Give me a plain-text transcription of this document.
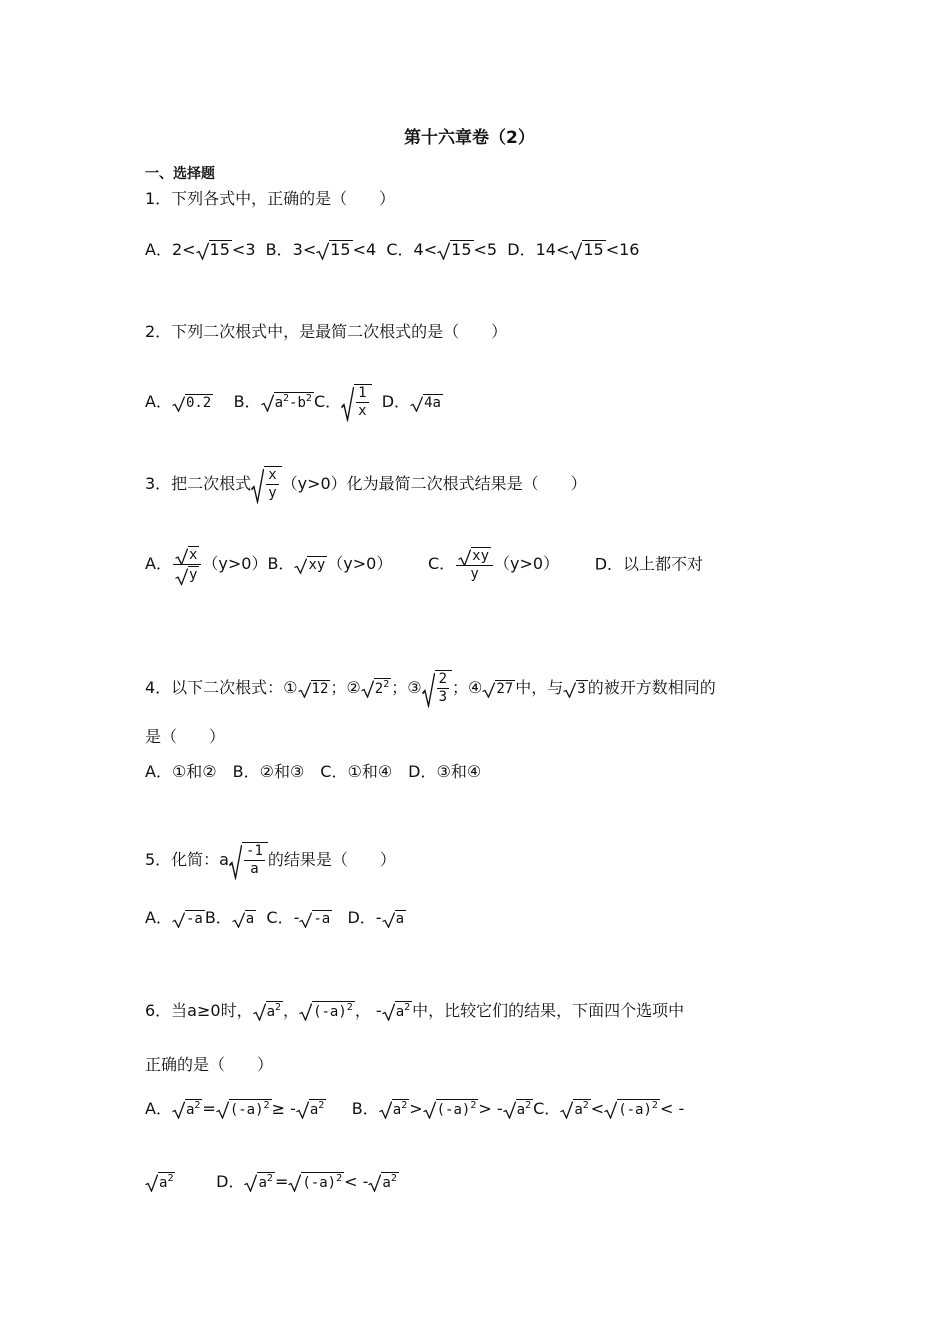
第十六章卷（2）
一、选择题
1．下列各式中，正确的是（　　）
A．2< 15 <3 B．3< 15 <4 C．4< 15 <5 D．14< 15 <16
2．下列二次根式中，是最简二次根式的是（　　）
A． 0.2 B． $a^2-b^2$ C． $\frac{1}{x}$ D． 4a
3．把二次根式 $\frac{x}{y} (y>0)$化为最简二次根式结果是（　　）
A． $\frac{x}{y} (y>0)B$． xy （y>0） C． $\frac{xy}{y} (y>0)$ D．以上都不对
4．以下二次根式：① 12 ；② $2^2$ ；③ $\frac{2}{3}$ ；④ 27 中，与 3 的被开方数相同的
是（　　）
A．①和②　B．②和③　C．①和④　D．③和④
5．化简：a $\frac{-1}{a}$ 的结果是（　　）
A． -a B． a C．- -a D．- a
6．当a≥0时， $a^2$ ， $(-a)^2$ ， - $a^2$ 中，比较它们的结果，下面四个选项中
正确的是（　　）
A． $a^2 = (-a)^2$ ≥ - $a^2$ B． $a^2 > (-a)^2$ > - $a^2$ C． $a^2 < (-a)^2$ < -
$a^2$	D． $a^2 = (-a)^2$ < - $a^2$
